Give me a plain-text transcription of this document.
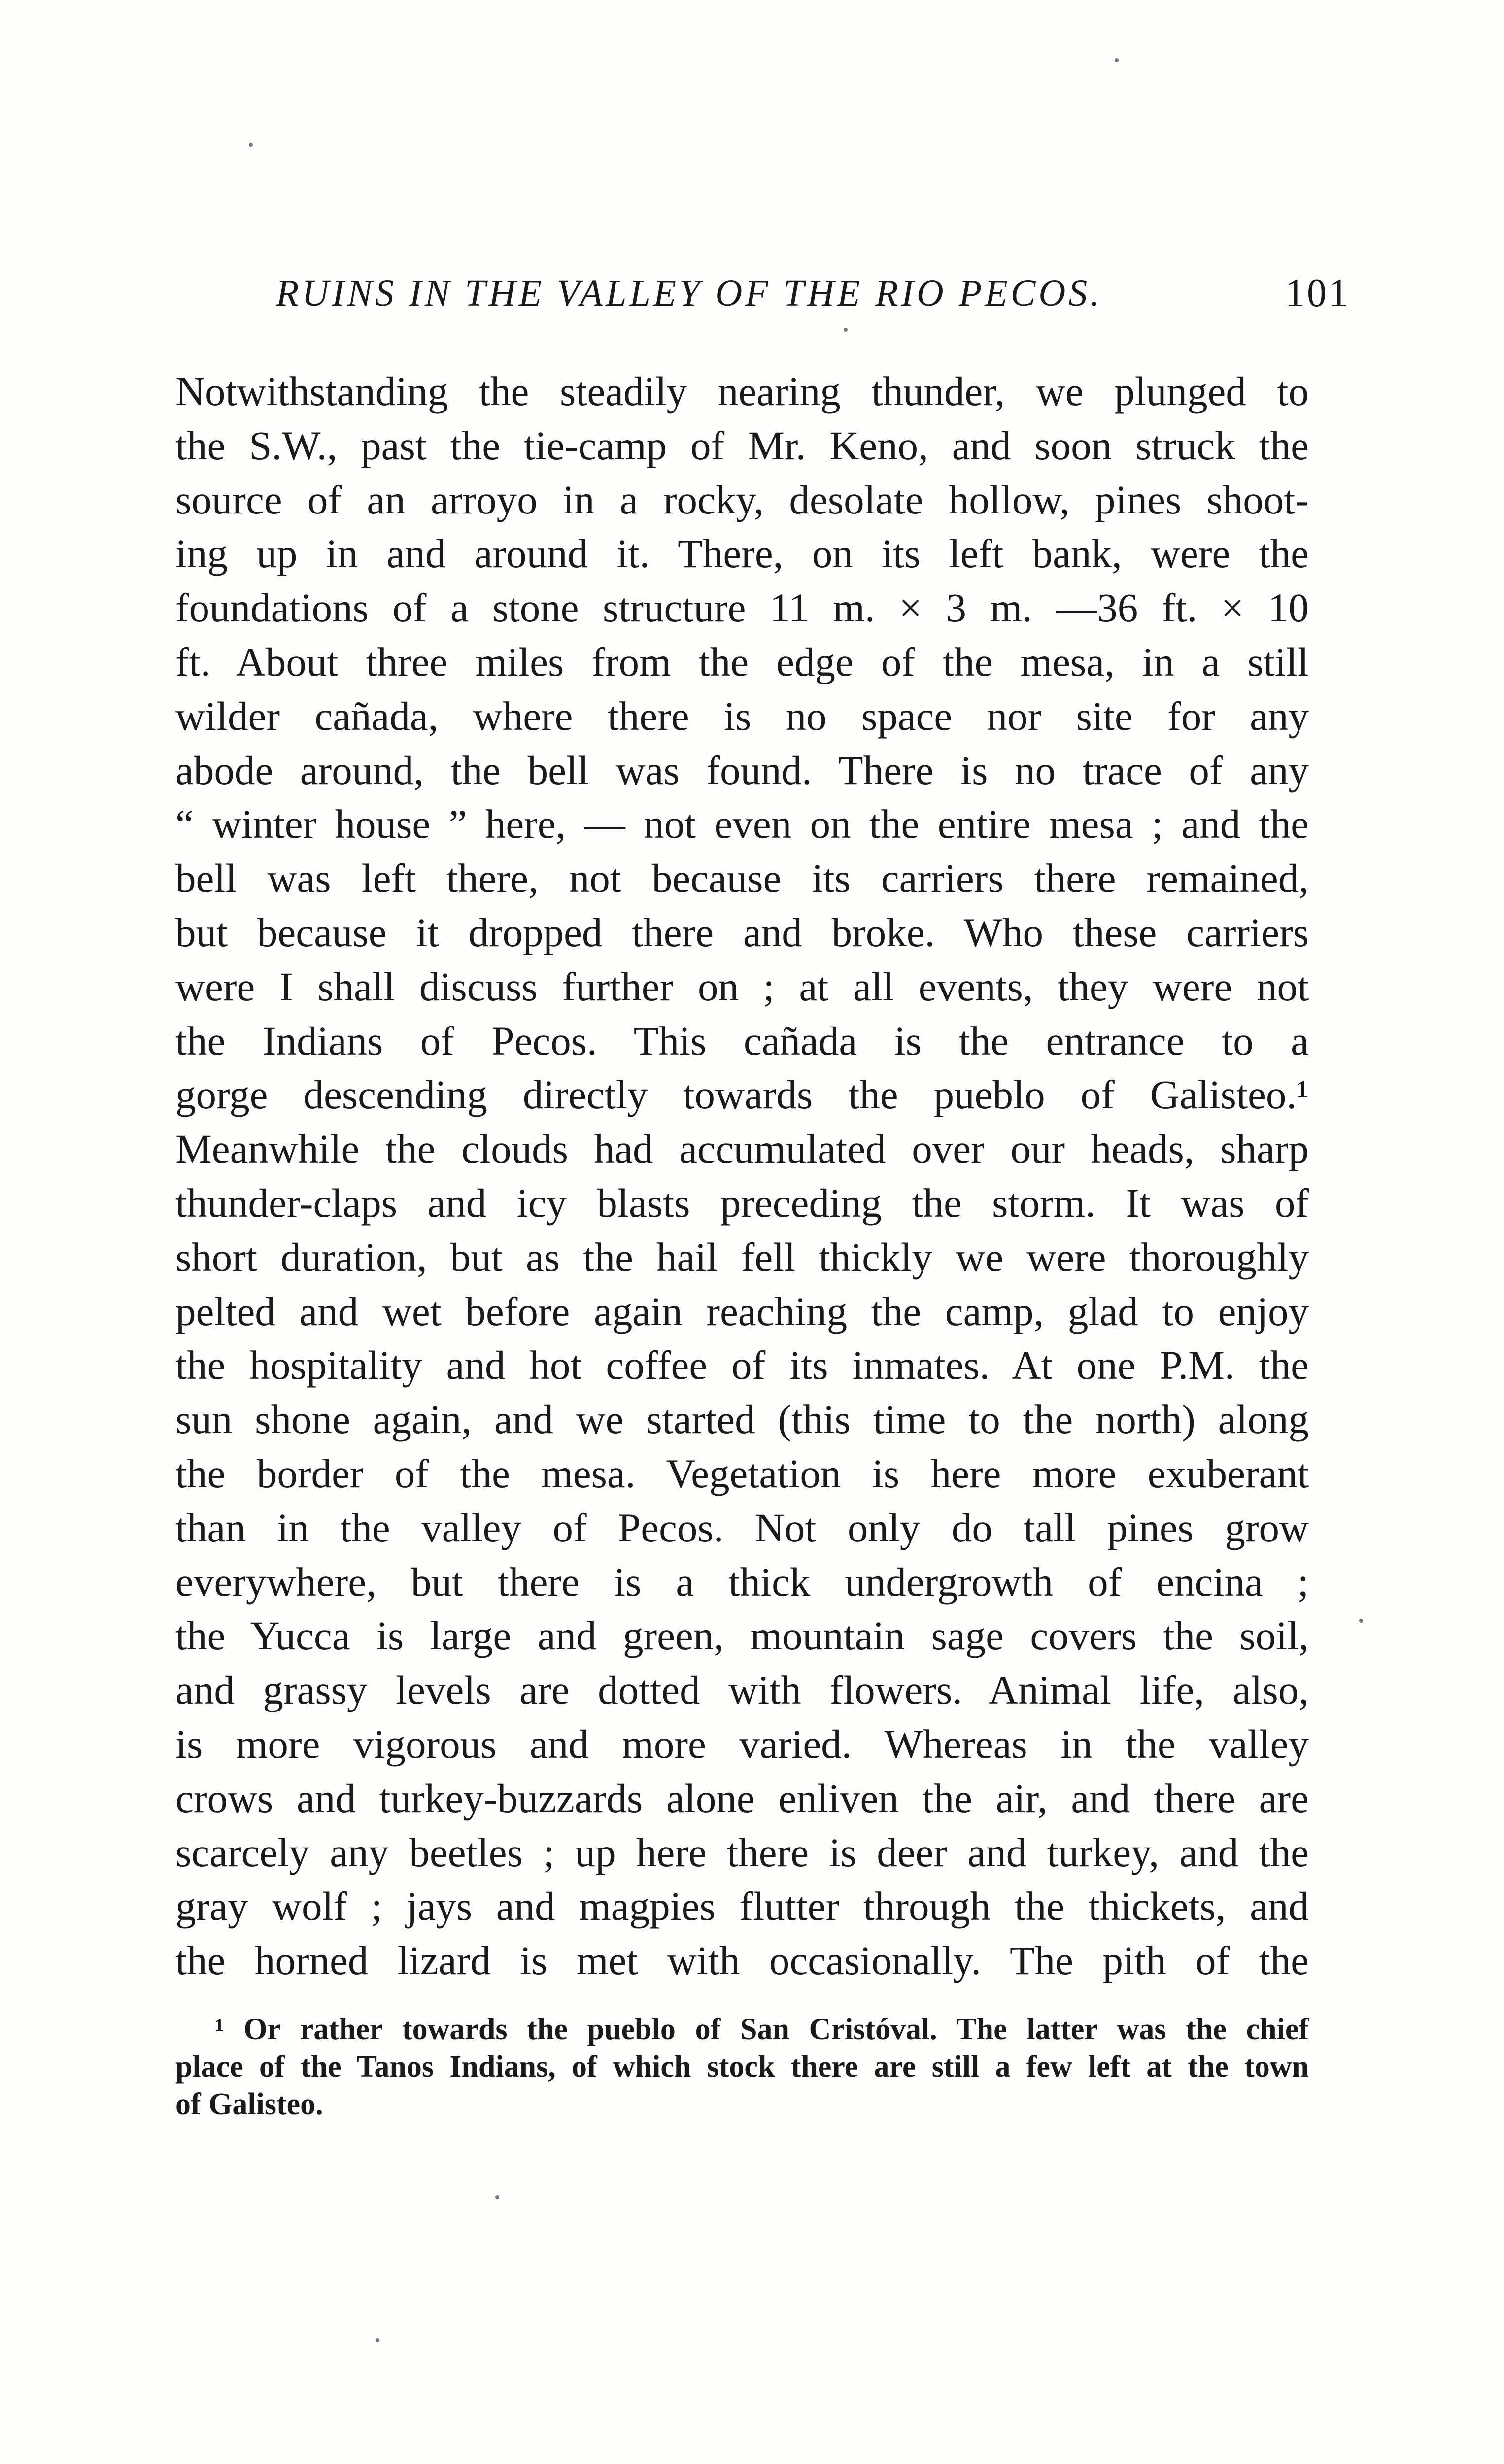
RUINS IN THE VALLEY OF THE RIO PECOS.	101
Notwithstanding the steadily nearing thunder, we plunged to
the S.W., past the tie-camp of Mr. Keno, and soon struck the
source of an arroyo in a rocky, desolate hollow, pines shoot-
ing up in and around it. There, on its left bank, were the
foundations of a stone structure 11 m. × 3 m. —36 ft. × 10
ft. About three miles from the edge of the mesa, in a still
wilder cañada, where there is no space nor site for any
abode around, the bell was found. There is no trace of any
“ winter house ” here, — not even on the entire mesa ; and the
bell was left there, not because its carriers there remained,
but because it dropped there and broke. Who these carriers
were I shall discuss further on ; at all events, they were not
the Indians of Pecos. This cañada is the entrance to a
gorge descending directly towards the pueblo of Galisteo.¹
Meanwhile the clouds had accumulated over our heads, sharp
thunder-claps and icy blasts preceding the storm. It was of
short duration, but as the hail fell thickly we were thoroughly
pelted and wet before again reaching the camp, glad to enjoy
the hospitality and hot coffee of its inmates. At one P.M. the
sun shone again, and we started (this time to the north) along
the border of the mesa. Vegetation is here more exuberant
than in the valley of Pecos. Not only do tall pines grow
everywhere, but there is a thick undergrowth of encina ;
the Yucca is large and green, mountain sage covers the soil,
and grassy levels are dotted with flowers. Animal life, also,
is more vigorous and more varied. Whereas in the valley
crows and turkey-buzzards alone enliven the air, and there are
scarcely any beetles ; up here there is deer and turkey, and the
gray wolf ; jays and magpies flutter through the thickets, and
the horned lizard is met with occasionally. The pith of the
¹ Or rather towards the pueblo of San Cristóval. The latter was the chief
place of the Tanos Indians, of which stock there are still a few left at the town
of Galisteo.
